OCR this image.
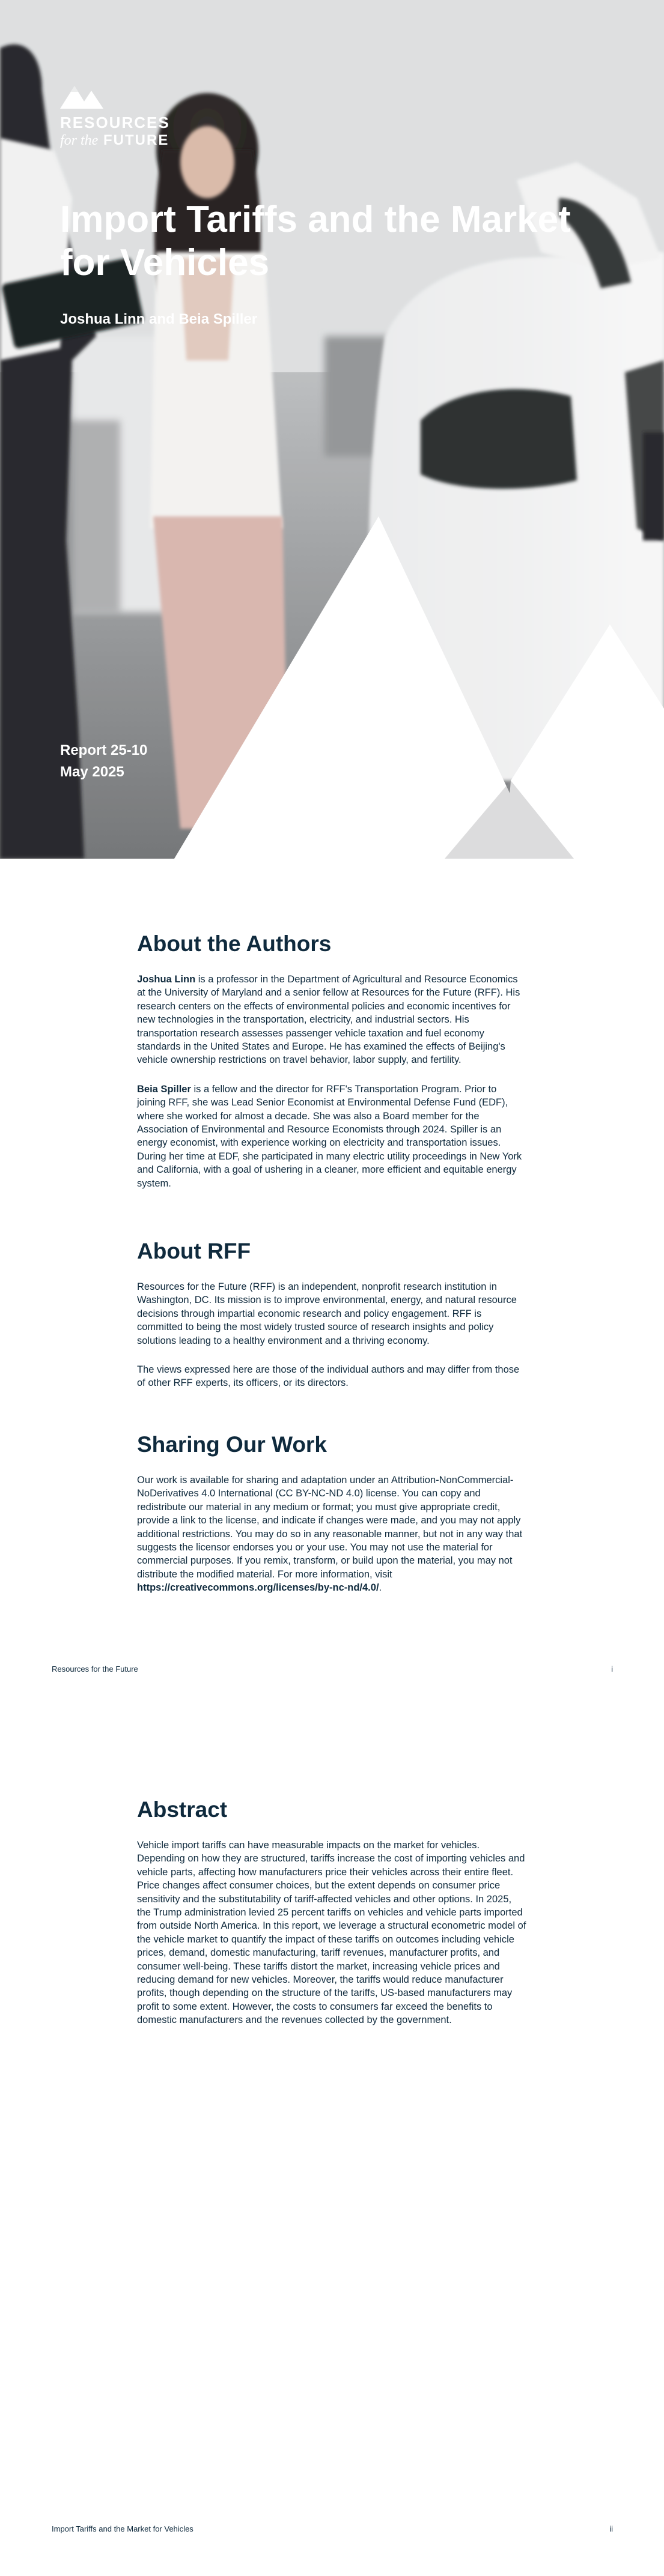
RESOURCES
for the FUTURE
Import Tariffs and the Market for Vehicles
Joshua Linn and Beia Spiller
Report 25-10
May 2025
About the Authors

Joshua Linn is a professor in the Department of Agricultural and Resource Economics at the University of Maryland and a senior fellow at Resources for the Future (RFF). His research centers on the effects of environmental policies and economic incentives for new technologies in the transportation, electricity, and industrial sectors. His transportation research assesses passenger vehicle taxation and fuel economy standards in the United States and Europe. He has examined the effects of Beijing's vehicle ownership restrictions on travel behavior, labor supply, and fertility.

Beia Spiller is a fellow and the director for RFF's Transportation Program. Prior to joining RFF, she was Lead Senior Economist at Environmental Defense Fund (EDF), where she worked for almost a decade. She was also a Board member for the Association of Environmental and Resource Economists through 2024. Spiller is an energy economist, with experience working on electricity and transportation issues. During her time at EDF, she participated in many electric utility proceedings in New York and California, with a goal of ushering in a cleaner, more efficient and equitable energy system.

About RFF

Resources for the Future (RFF) is an independent, nonprofit research institution in Washington, DC. Its mission is to improve environmental, energy, and natural resource decisions through impartial economic research and policy engagement. RFF is committed to being the most widely trusted source of research insights and policy solutions leading to a healthy environment and a thriving economy.

The views expressed here are those of the individual authors and may differ from those of other RFF experts, its officers, or its directors.

Sharing Our Work

Our work is available for sharing and adaptation under an Attribution-NonCommercial-NoDerivatives 4.0 International (CC BY-NC-ND 4.0) license. You can copy and redistribute our material in any medium or format; you must give appropriate credit, provide a link to the license, and indicate if changes were made, and you may not apply additional restrictions. You may do so in any reasonable manner, but not in any way that suggests the licensor endorses you or your use. You may not use the material for commercial purposes. If you remix, transform, or build upon the material, you may not distribute the modified material. For more information, visit https://creativecommons.org/licenses/by-nc-nd/4.0/.

Resources for the Future	i
Abstract

Vehicle import tariffs can have measurable impacts on the market for vehicles. Depending on how they are structured, tariffs increase the cost of importing vehicles and vehicle parts, affecting how manufacturers price their vehicles across their entire fleet. Price changes affect consumer choices, but the extent depends on consumer price sensitivity and the substitutability of tariff-affected vehicles and other options. In 2025, the Trump administration levied 25 percent tariffs on vehicles and vehicle parts imported from outside North America. In this report, we leverage a structural econometric model of the vehicle market to quantify the impact of these tariffs on outcomes including vehicle prices, demand, domestic manufacturing, tariff revenues, manufacturer profits, and consumer well-being. These tariffs distort the market, increasing vehicle prices and reducing demand for new vehicles. Moreover, the tariffs would reduce manufacturer profits, though depending on the structure of the tariffs, US-based manufacturers may profit to some extent. However, the costs to consumers far exceed the benefits to domestic manufacturers and the revenues collected by the government.

Import Tariffs and the Market for Vehicles	ii
